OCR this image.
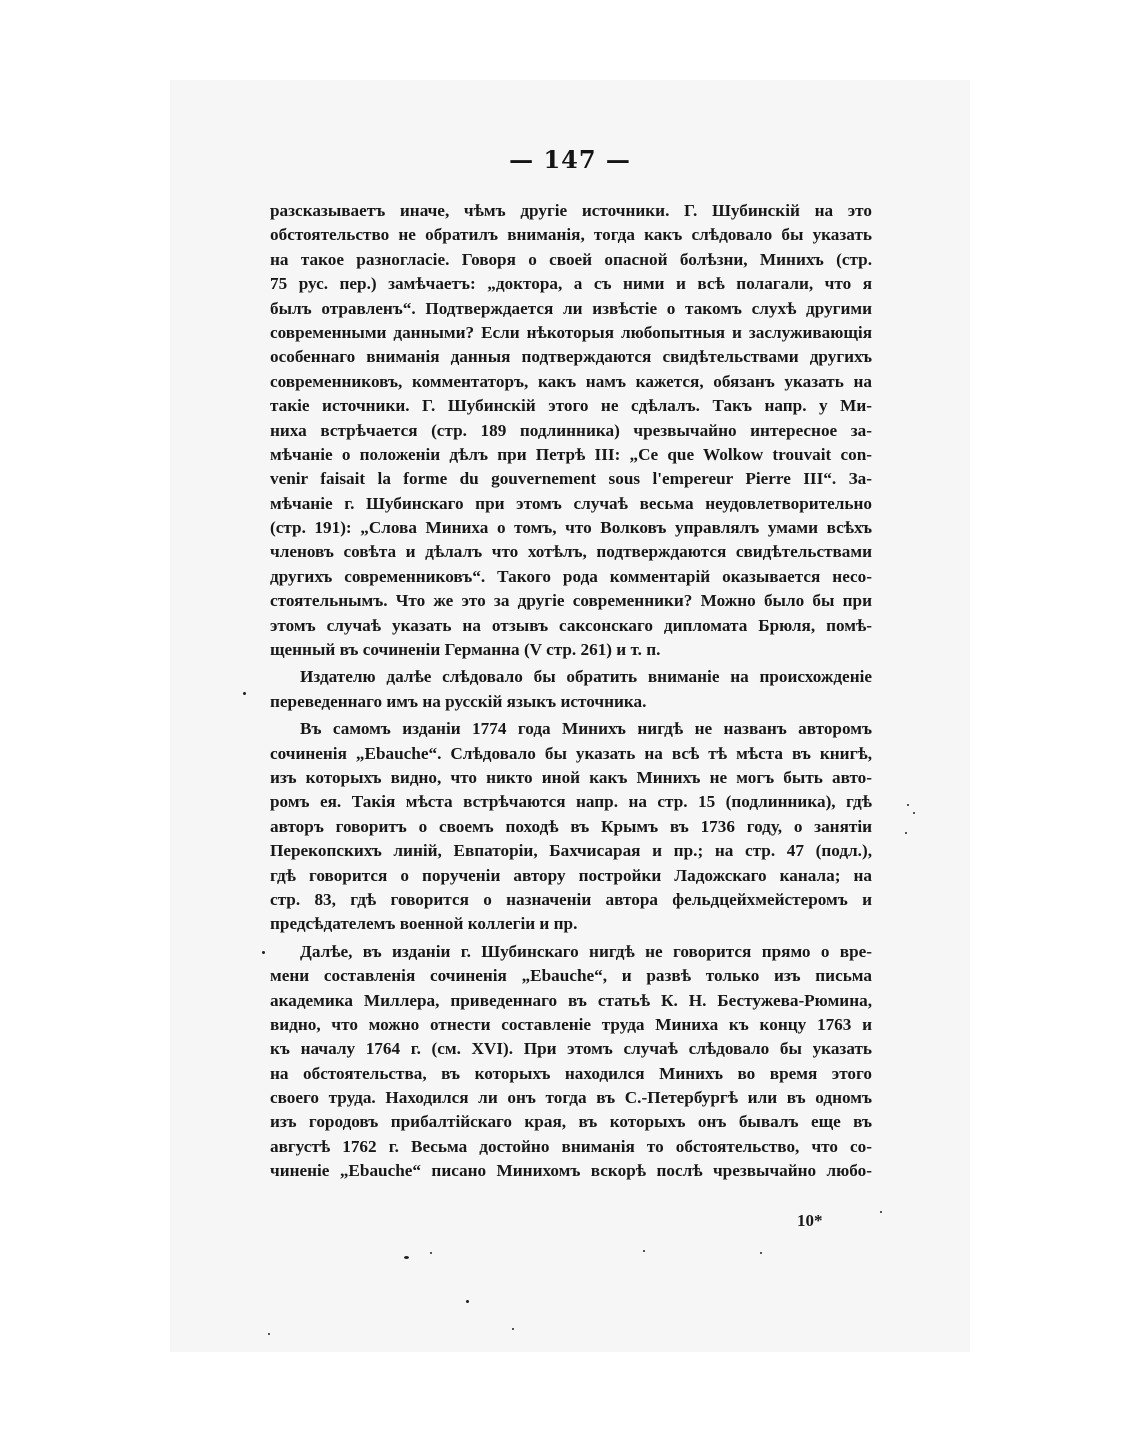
— 147 —
разсказываетъ иначе, чѣмъ другіе источники. Г. Шубинскій на это
обстоятельство не обратилъ вниманія, тогда какъ слѣдовало бы указать
на такое разногласіе. Говоря о своей опасной болѣзни, Минихъ (стр.
75 рус. пер.) замѣчаетъ: „доктора, а съ ними и всѣ полагали, что я
былъ отравленъ“. Подтверждается ли извѣстіе о такомъ слухѣ другими
современными данными? Если нѣкоторыя любопытныя и заслуживающія
особеннаго вниманія данныя подтверждаются свидѣтельствами другихъ
современниковъ, комментаторъ, какъ намъ кажется, обязанъ указать на
такіе источники. Г. Шубинскій этого не сдѣлалъ. Такъ напр. у Ми-
ниха встрѣчается (стр. 189 подлинника) чрезвычайно интересное за-
мѣчаніе о положеніи дѣлъ при Петрѣ III: „Ce que Wolkow trouvait con-
venir faisait la forme du gouvernement sous l'empereur Pierre III“. За-
мѣчаніе г. Шубинскаго при этомъ случаѣ весьма неудовлетворительно
(стр. 191): „Слова Миниха о томъ, что Волковъ управлялъ умами всѣхъ
членовъ совѣта и дѣлалъ что хотѣлъ, подтверждаются свидѣтельствами
другихъ современниковъ“. Такого рода комментарій оказывается несо-
стоятельнымъ. Что же это за другіе современники? Можно было бы при
этомъ случаѣ указать на отзывъ саксонскаго дипломата Брюля, помѣ-
щенный въ сочиненіи Германна (V стр. 261) и т. п.
Издателю далѣе слѣдовало бы обратить вниманіе на происхожденіе
переведеннаго имъ на русскій языкъ источника.
Въ самомъ изданіи 1774 года Минихъ нигдѣ не названъ авторомъ
сочиненія „Ebauche“. Слѣдовало бы указать на всѣ тѣ мѣста въ книгѣ,
изъ которыхъ видно, что никто иной какъ Минихъ не могъ быть авто-
ромъ ея. Такія мѣста встрѣчаются напр. на стр. 15 (подлинника), гдѣ
авторъ говоритъ о своемъ походѣ въ Крымъ въ 1736 году, о занятіи
Перекопскихъ линій, Евпаторіи, Бахчисарая и пр.; на стр. 47 (подл.),
гдѣ говорится о порученіи автору постройки Ладожскаго канала; на
стр. 83, гдѣ говорится о назначеніи автора фельдцейхмейстеромъ и
предсѣдателемъ военной коллегіи и пр.
Далѣе, въ изданіи г. Шубинскаго нигдѣ не говорится прямо о вре-
мени составленія сочиненія „Ebauche“, и развѣ только изъ письма
академика Миллера, приведеннаго въ статьѣ К. Н. Бестужева-Рюмина,
видно, что можно отнести составленіе труда Миниха къ концу 1763 и
къ началу 1764 г. (см. XVI). При этомъ случаѣ слѣдовало бы указать
на обстоятельства, въ которыхъ находился Минихъ во время этого
своего труда. Находился ли онъ тогда въ С.-Петербургѣ или въ одномъ
изъ городовъ прибалтійскаго края, въ которыхъ онъ бывалъ еще въ
августѣ 1762 г. Весьма достойно вниманія то обстоятельство, что со-
чиненіе „Ebauche“ писано Минихомъ вскорѣ послѣ чрезвычайно любо-
10*
